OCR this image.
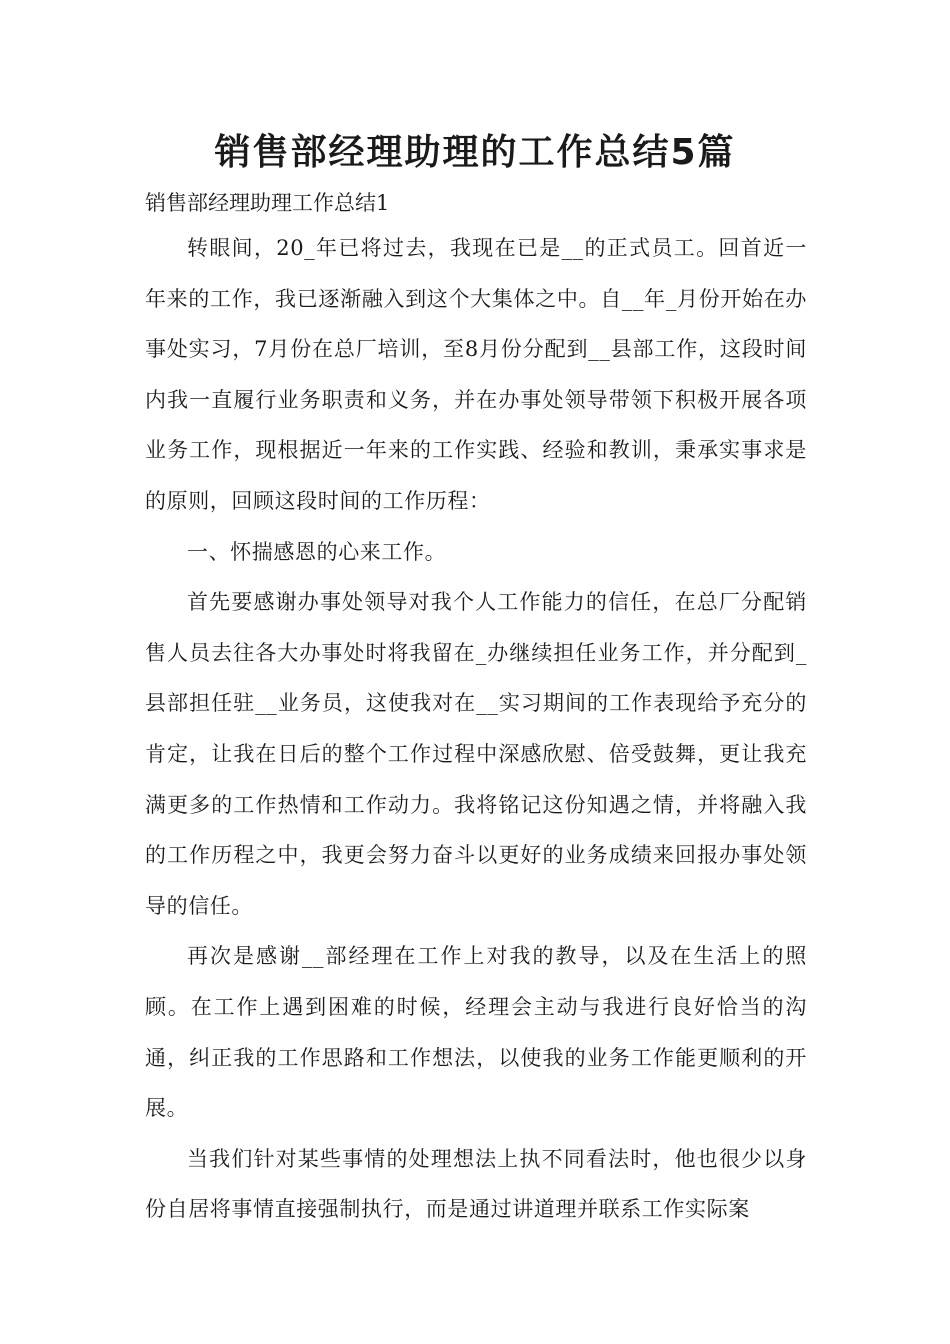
销售部经理助理的工作总结5篇
销售部经理助理工作总结1

转眼间，20_年已将过去，我现在已是__的正式员工。回首近一年来的工作，我已逐渐融入到这个大集体之中。自__年_月份开始在办事处实习，7月份在总厂培训，至8月份分配到__县部工作，这段时间内我一直履行业务职责和义务，并在办事处领导带领下积极开展各项业务工作，现根据近一年来的工作实践、经验和教训，秉承实事求是的原则，回顾这段时间的工作历程：

一、怀揣感恩的心来工作。

首先要感谢办事处领导对我个人工作能力的信任，在总厂分配销售人员去往各大办事处时将我留在_办继续担任业务工作，并分配到_县部担任驻__业务员，这使我对在__实习期间的工作表现给予充分的肯定，让我在日后的整个工作过程中深感欣慰、倍受鼓舞，更让我充满更多的工作热情和工作动力。我将铭记这份知遇之情，并将融入我的工作历程之中，我更会努力奋斗以更好的业务成绩来回报办事处领导的信任。

再次是感谢__部经理在工作上对我的教导，以及在生活上的照顾。在工作上遇到困难的时候，经理会主动与我进行良好恰当的沟通，纠正我的工作思路和工作想法，以使我的业务工作能更顺利的开展。

当我们针对某些事情的处理想法上执不同看法时，他也很少以身份自居将事情直接强制执行，而是通过讲道理并联系工作实际案
